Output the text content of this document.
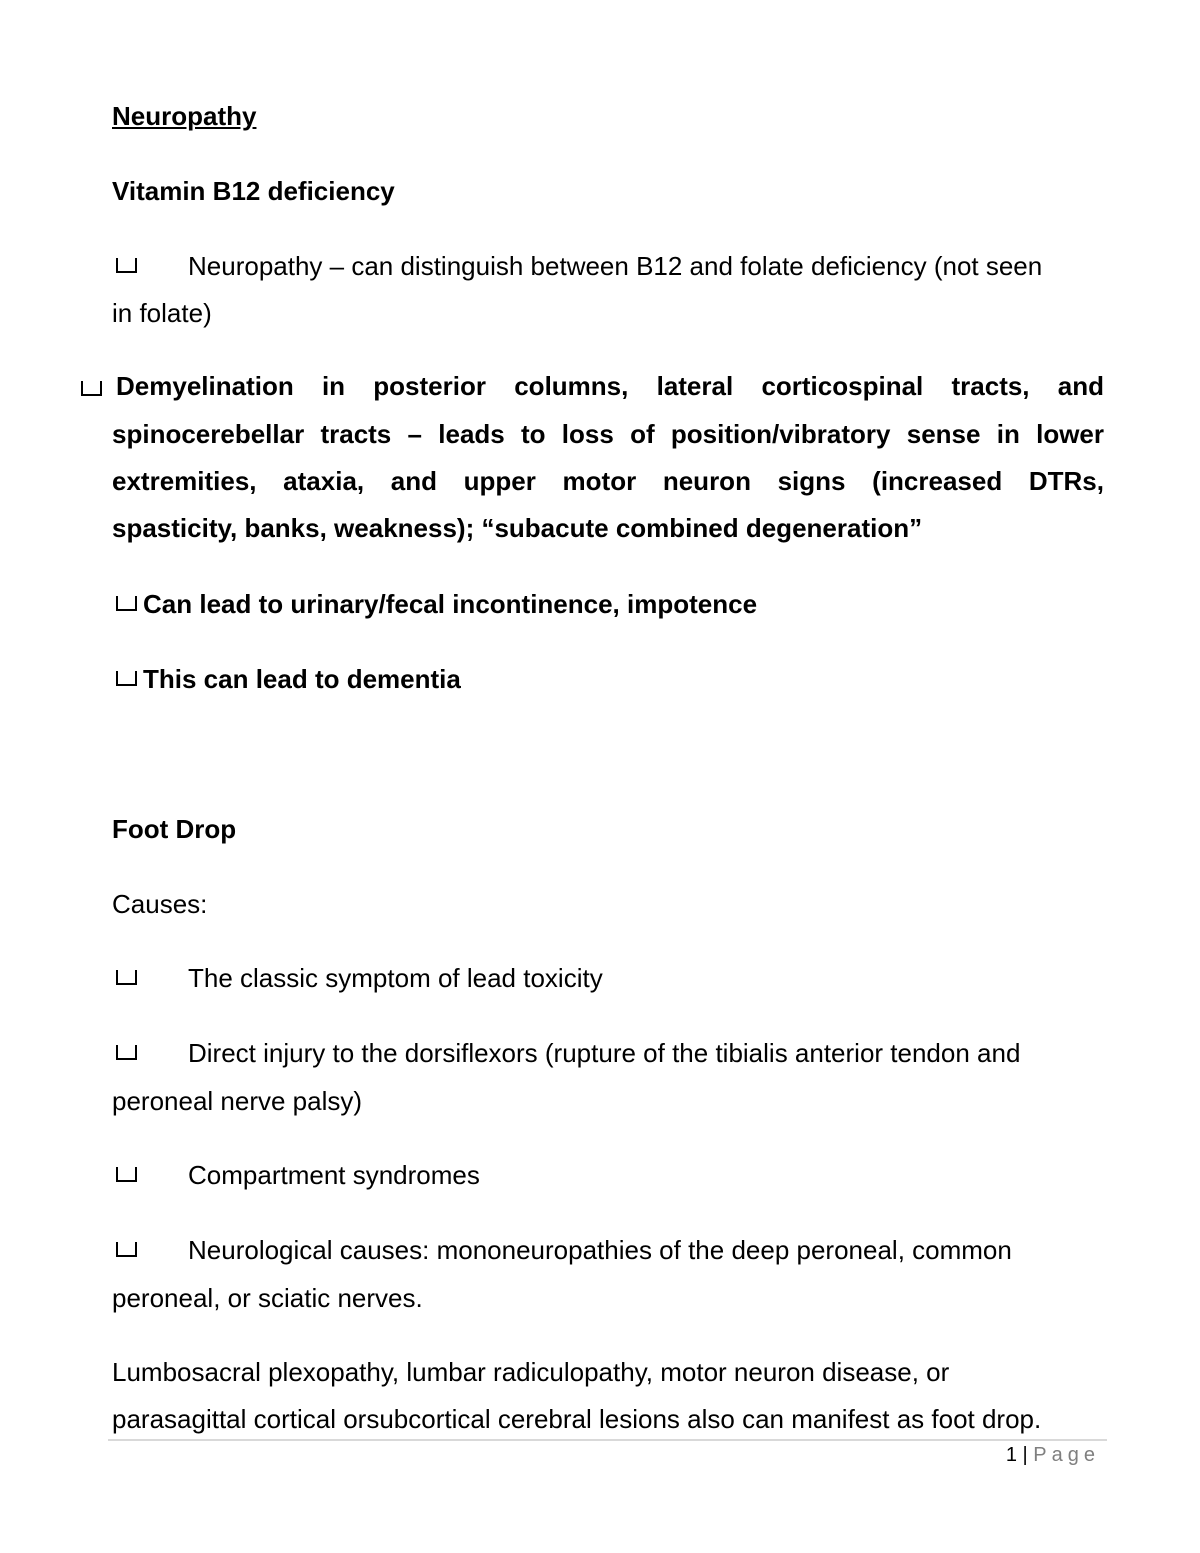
Neuropathy
Vitamin B12 deficiency
Neuropathy – can distinguish between B12 and folate deficiency (not seen
in folate)
Demyelination in posterior columns, lateral corticospinal tracts, and
spinocerebellar tracts – leads to loss of position/vibratory sense in lower
extremities, ataxia, and upper motor neuron signs (increased DTRs,
spasticity, banks, weakness); “subacute combined degeneration”
Can lead to urinary/fecal incontinence, impotence
This can lead to dementia
Foot Drop
Causes:
The classic symptom of lead toxicity
Direct injury to the dorsiflexors (rupture of the tibialis anterior tendon and
peroneal nerve palsy)
Compartment syndromes
Neurological causes: mononeuropathies of the deep peroneal, common
peroneal, or sciatic nerves.
Lumbosacral plexopathy, lumbar radiculopathy, motor neuron disease, or
parasagittal cortical orsubcortical cerebral lesions also can manifest as foot drop.
1 | Page
